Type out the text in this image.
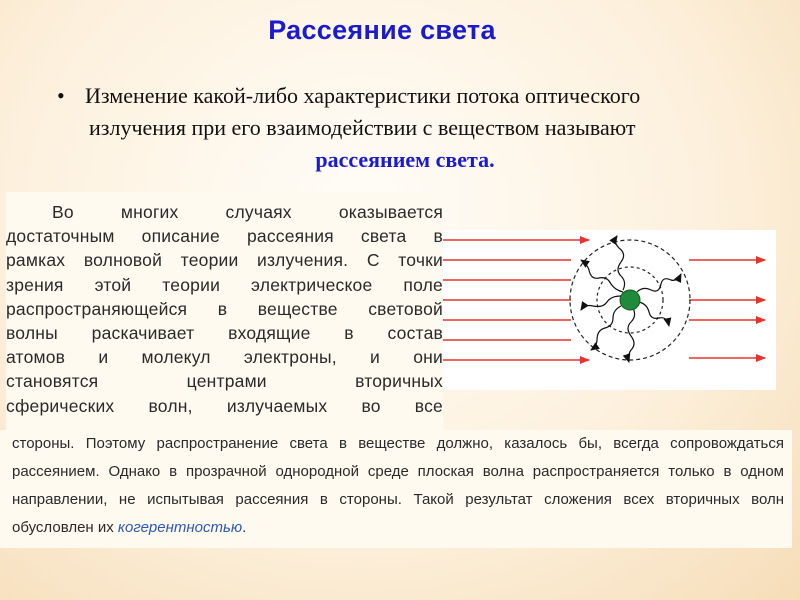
Рассеяние света
• Изменение какой-либо характеристики потока оптического
излучения при его взаимодействии с веществом называют
рассеянием света.
Во многих случаях оказывается
достаточным описание рассеяния света в
рамках волновой теории излучения. С точки
зрения этой теории электрическое поле
распространяющейся в веществе световой
волны раскачивает входящие в состав
атомов и молекул электроны, и они
становятся центрами вторичных
сферических волн, излучаемых во все
стороны. Поэтому распространение света в веществе должно, казалось бы, всегда сопровождаться
рассеянием. Однако в прозрачной однородной среде плоская волна распространяется только в одном
направлении, не испытывая рассеяния в стороны. Такой результат сложения всех вторичных волн
обусловлен их когерентностью.
